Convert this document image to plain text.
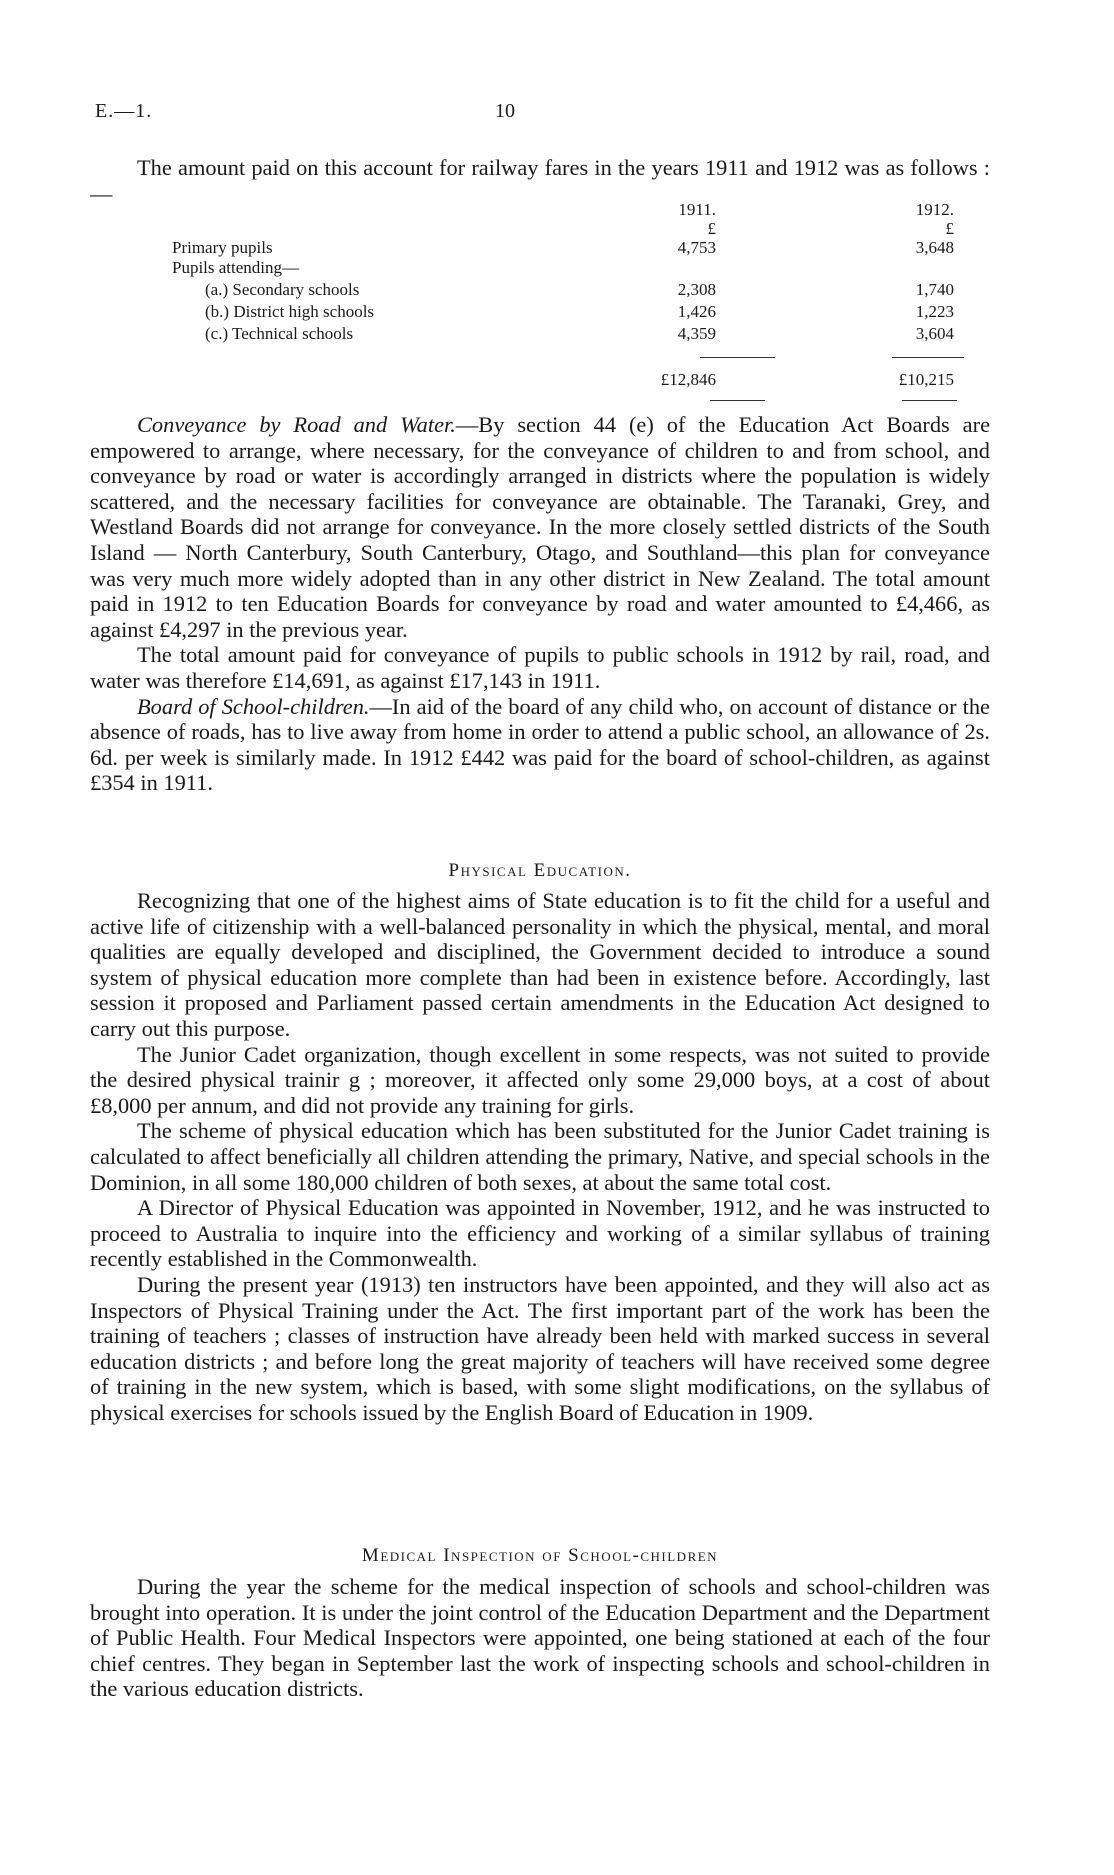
E.—1.	10

The amount paid on this account for railway fares in the years 1911 and 1912 was as follows :—

1911.	1912.
£	£
Primary pupils	4,753	3,648
Pupils attending—
(a.) Secondary schools	2,308	1,740
(b.) District high schools	1,426	1,223
(c.) Technical schools	4,359	3,604
£12,846	£10,215

Conveyance by Road and Water.—By section 44 (e) of the Education Act Boards are empowered to arrange, where necessary, for the conveyance of children to and from school, and conveyance by road or water is accordingly arranged in districts where the population is widely scattered, and the necessary facilities for conveyance are obtainable. The Taranaki, Grey, and Westland Boards did not arrange for conveyance. In the more closely settled districts of the South Island — North Canterbury, South Canterbury, Otago, and Southland—this plan for conveyance was very much more widely adopted than in any other district in New Zealand. The total amount paid in 1912 to ten Education Boards for conveyance by road and water amounted to £4,466, as against £4,297 in the previous year.

The total amount paid for conveyance of pupils to public schools in 1912 by rail, road, and water was therefore £14,691, as against £17,143 in 1911.

Board of School-children.—In aid of the board of any child who, on account of distance or the absence of roads, has to live away from home in order to attend a public school, an allowance of 2s. 6d. per week is similarly made. In 1912 £442 was paid for the board of school-children, as against £354 in 1911.

Physical Education.

Recognizing that one of the highest aims of State education is to fit the child for a useful and active life of citizenship with a well-balanced personality in which the physical, mental, and moral qualities are equally developed and disciplined, the Government decided to introduce a sound system of physical education more complete than had been in existence before. Accordingly, last session it proposed and Parliament passed certain amendments in the Education Act designed to carry out this purpose.

The Junior Cadet organization, though excellent in some respects, was not suited to provide the desired physical trainir g ; moreover, it affected only some 29,000 boys, at a cost of about £8,000 per annum, and did not provide any training for girls.

The scheme of physical education which has been substituted for the Junior Cadet training is calculated to affect beneficially all children attending the primary, Native, and special schools in the Dominion, in all some 180,000 children of both sexes, at about the same total cost.

A Director of Physical Education was appointed in November, 1912, and he was instructed to proceed to Australia to inquire into the efficiency and working of a similar syllabus of training recently established in the Commonwealth.

During the present year (1913) ten instructors have been appointed, and they will also act as Inspectors of Physical Training under the Act. The first important part of the work has been the training of teachers ; classes of instruction have already been held with marked success in several education districts ; and before long the great majority of teachers will have received some degree of training in the new system, which is based, with some slight modifications, on the syllabus of physical exercises for schools issued by the English Board of Education in 1909.

Medical Inspection of School-children

During the year the scheme for the medical inspection of schools and school-children was brought into operation. It is under the joint control of the Education Department and the Department of Public Health. Four Medical Inspectors were appointed, one being stationed at each of the four chief centres. They began in September last the work of inspecting schools and school-children in the various education districts.
